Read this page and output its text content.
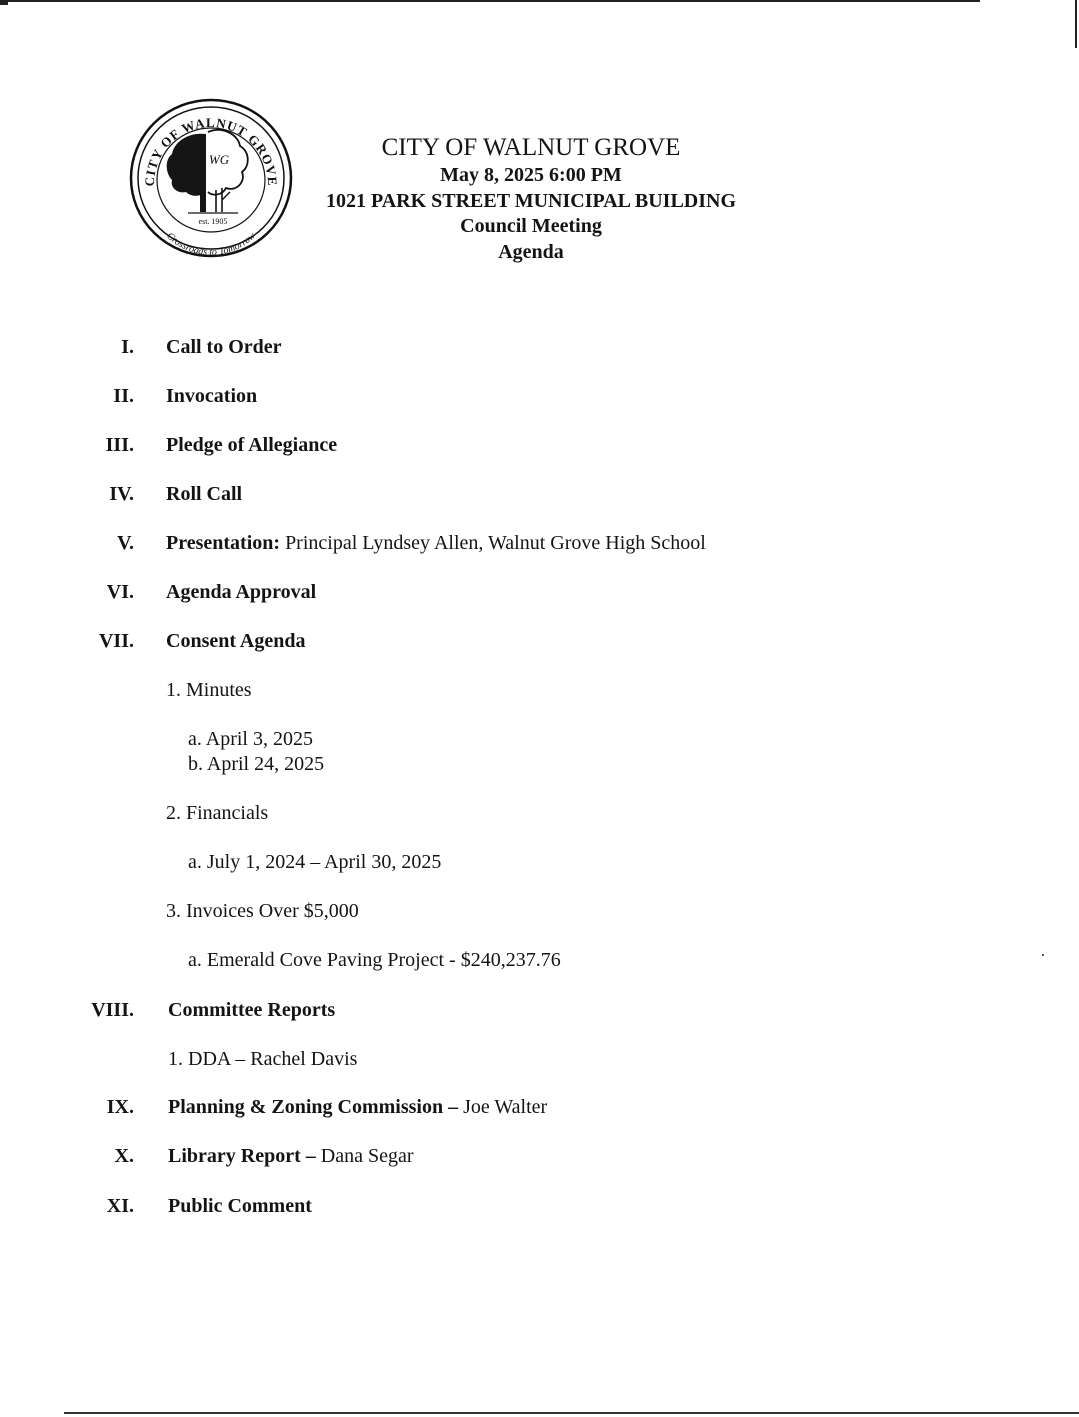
CITY OF WALNUT GROVE
Crossroads to Tomorrow
WG
est. 1905
CITY OF WALNUT GROVE
May 8, 2025 6:00 PM
1021 PARK STREET MUNICIPAL BUILDING
Council Meeting
Agenda
I. Call to Order
II. Invocation
III. Pledge of Allegiance
IV. Roll Call
V. Presentation: Principal Lyndsey Allen, Walnut Grove High School
VI. Agenda Approval
VII. Consent Agenda
1. Minutes
a. April 3, 2025
b. April 24, 2025
2. Financials
a. July 1, 2024 – April 30, 2025
3. Invoices Over $5,000
a. Emerald Cove Paving Project - $240,237.76
VIII. Committee Reports
1. DDA – Rachel Davis
IX. Planning & Zoning Commission – Joe Walter
X. Library Report – Dana Segar
XI. Public Comment
